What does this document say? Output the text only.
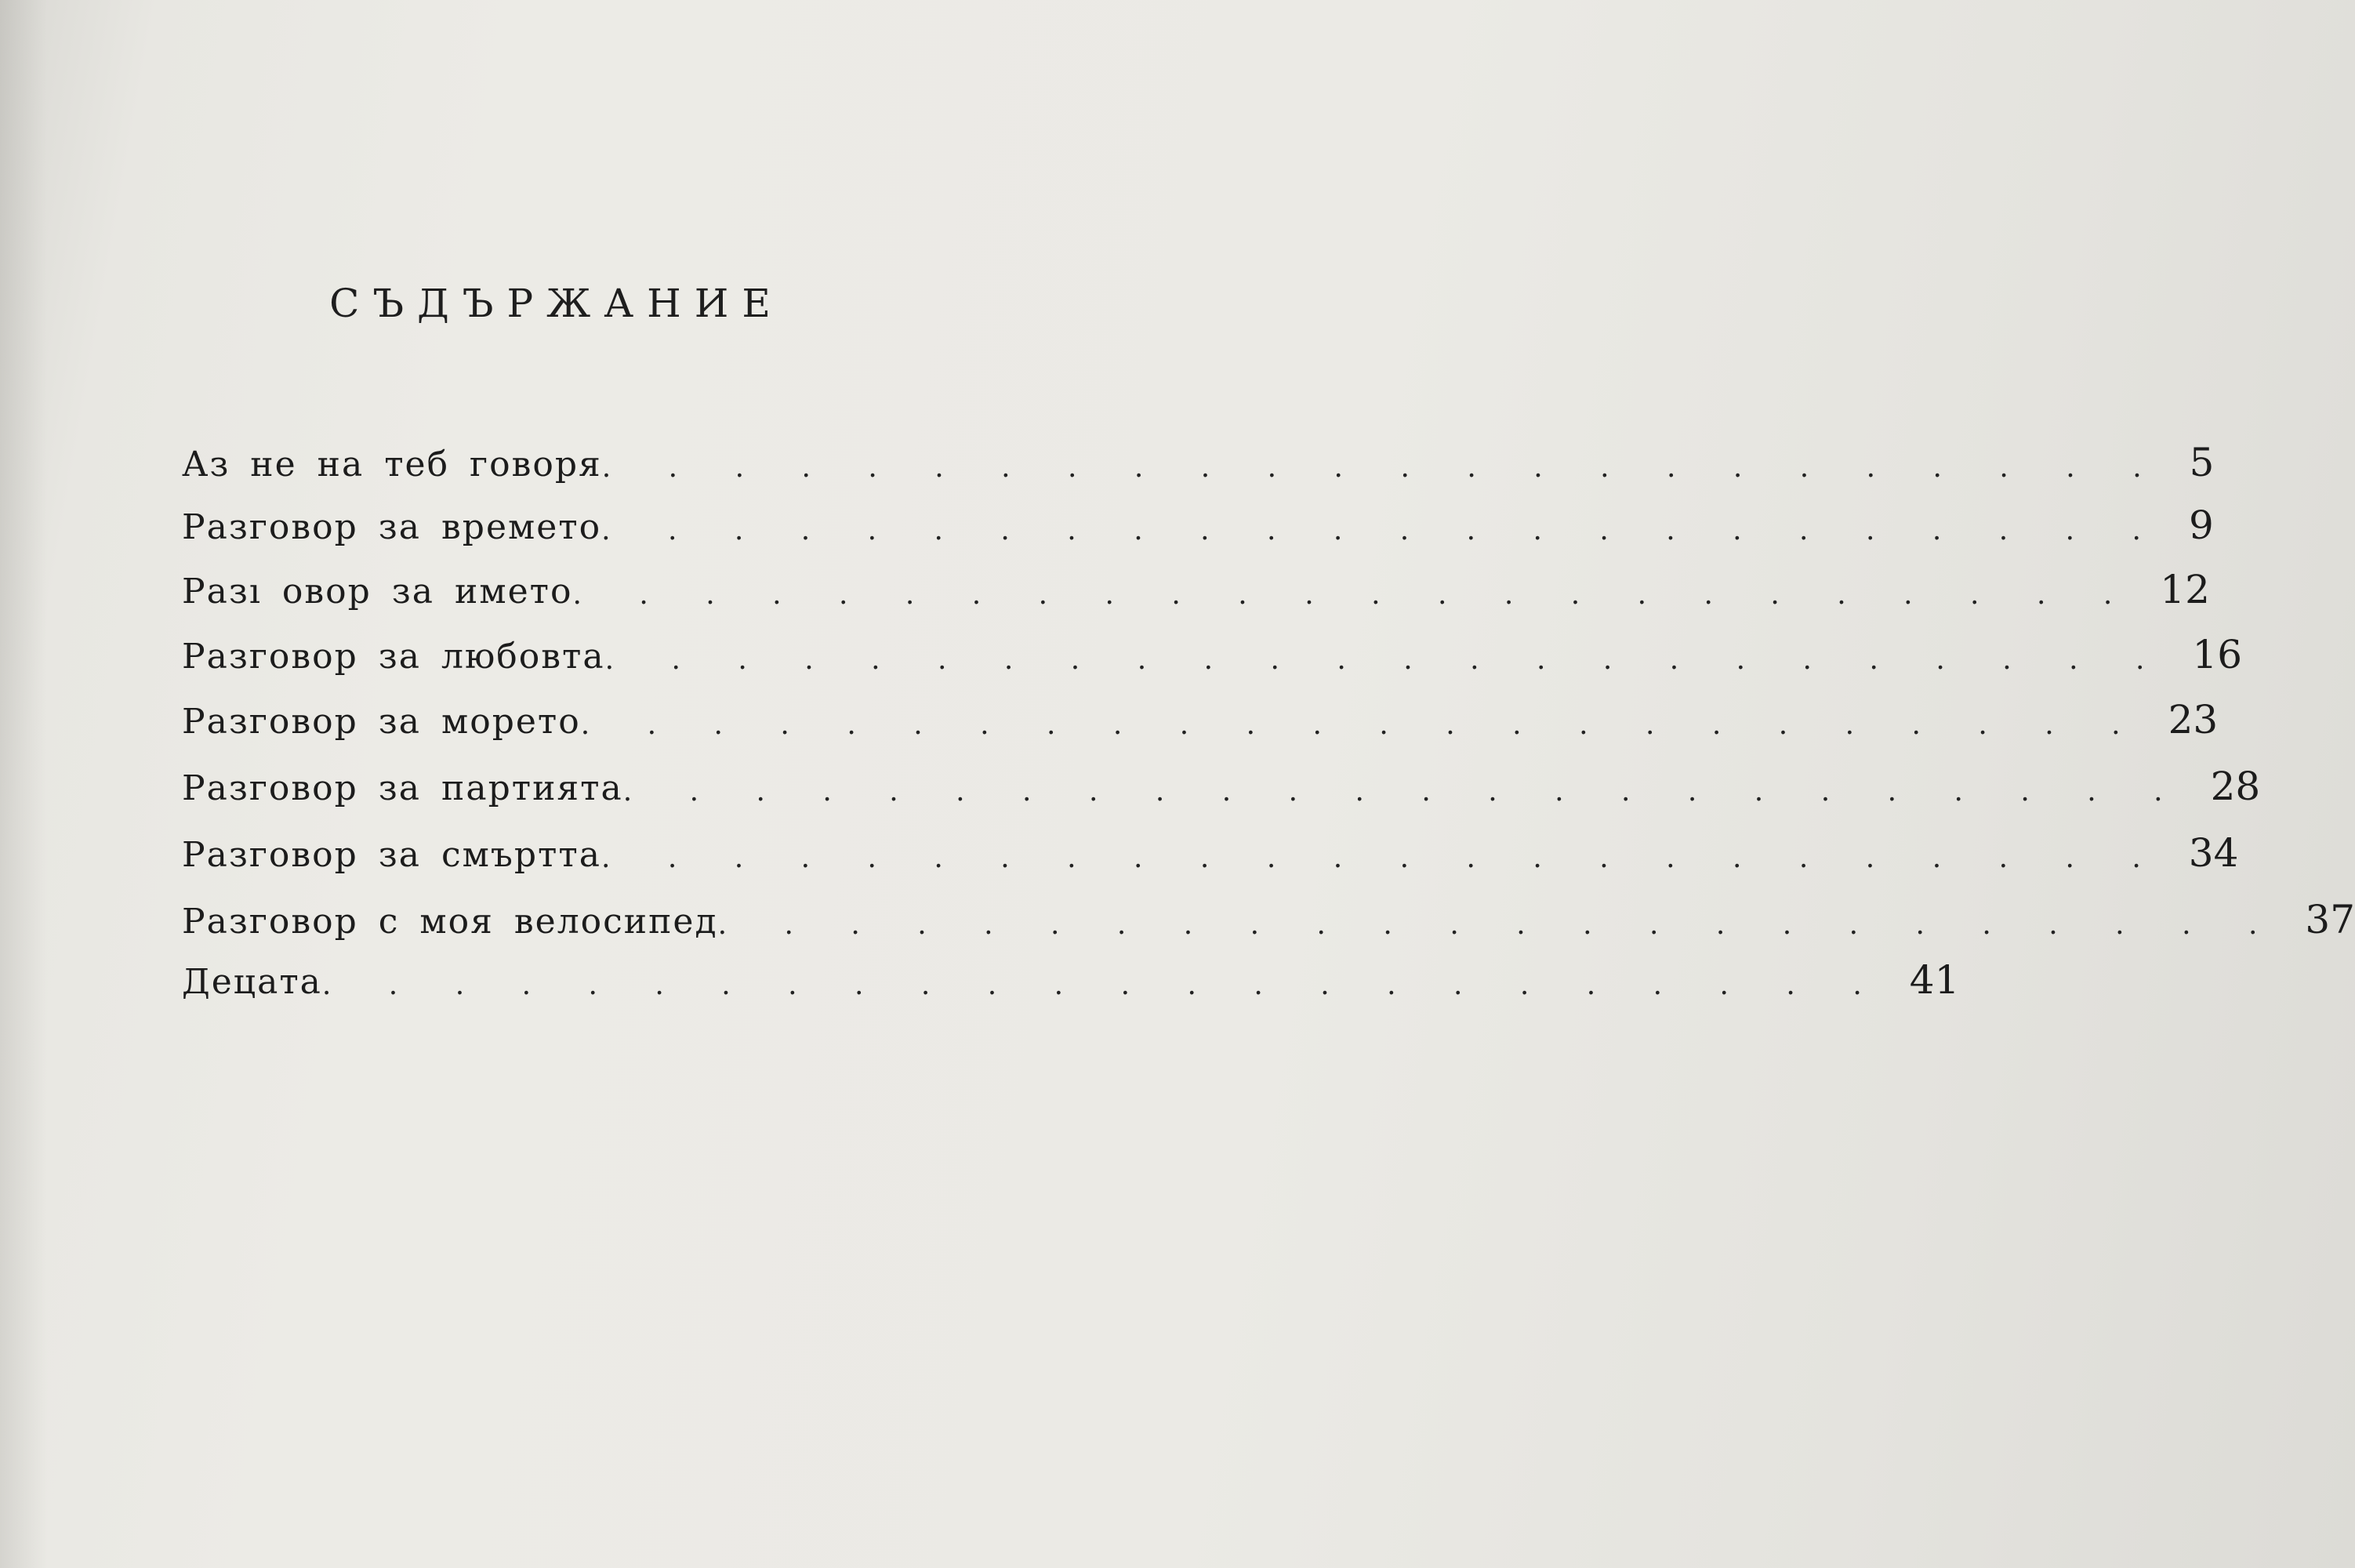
СЪДЪРЖАНИЕ
Аз не на теб говоря . . . . . . . . . . . . . . . . . . . . . . . . 5
Разговор за времето . . . . . . . . . . . . . . . . . . . . . . . . 9
Разı овор за името . . . . . . . . . . . . . . . . . . . . . . . . 12
Разговор за любовта . . . . . . . . . . . . . . . . . . . . . . . . 16
Разговор за морето . . . . . . . . . . . . . . . . . . . . . . . . 23
Разговор за партията . . . . . . . . . . . . . . . . . . . . . . . . 28
Разговор за смъртта . . . . . . . . . . . . . . . . . . . . . . . . 34
Разговор с моя велосипед . . . . . . . . . . . . . . . . . . . . . . . . 37
Децата . . . . . . . . . . . . . . . . . . . . . . . . 41
